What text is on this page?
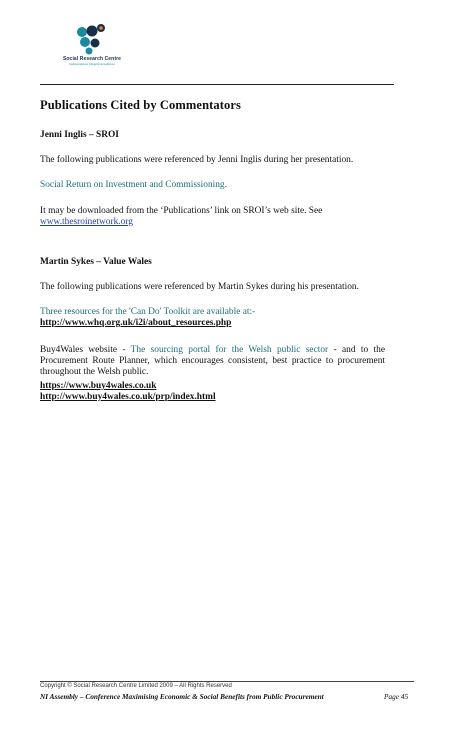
Social Research Centre
Independence Integrity Excellence
Publications Cited by Commentators

Jenni Inglis – SROI

The following publications were referenced by Jenni Inglis during her presentation.

Social Return on Investment and Commissioning.

It may be downloaded from the ‘Publications’ link on SROI’s web site. See
www.thesroinetwork.org

Martin Sykes – Value Wales

The following publications were referenced by Martin Sykes during his presentation.

Three resources for the 'Can Do' Toolkit are available at:-

http://www.whq.org.uk/i2i/about_resources.php

Buy4Wales website - The sourcing portal for the Welsh public sector - and to the Procurement Route Planner, which encourages consistent, best practice to procurement throughout the Welsh public.

https://www.buy4wales.co.uk
http://www.buy4wales.co.uk/prp/index.html

Copyright © Social Research Centre Limited 2009 – All Rights Reserved
NI Assembly – Conference Maximising Economic & Social Benefits from Public Procurement	Page 45
